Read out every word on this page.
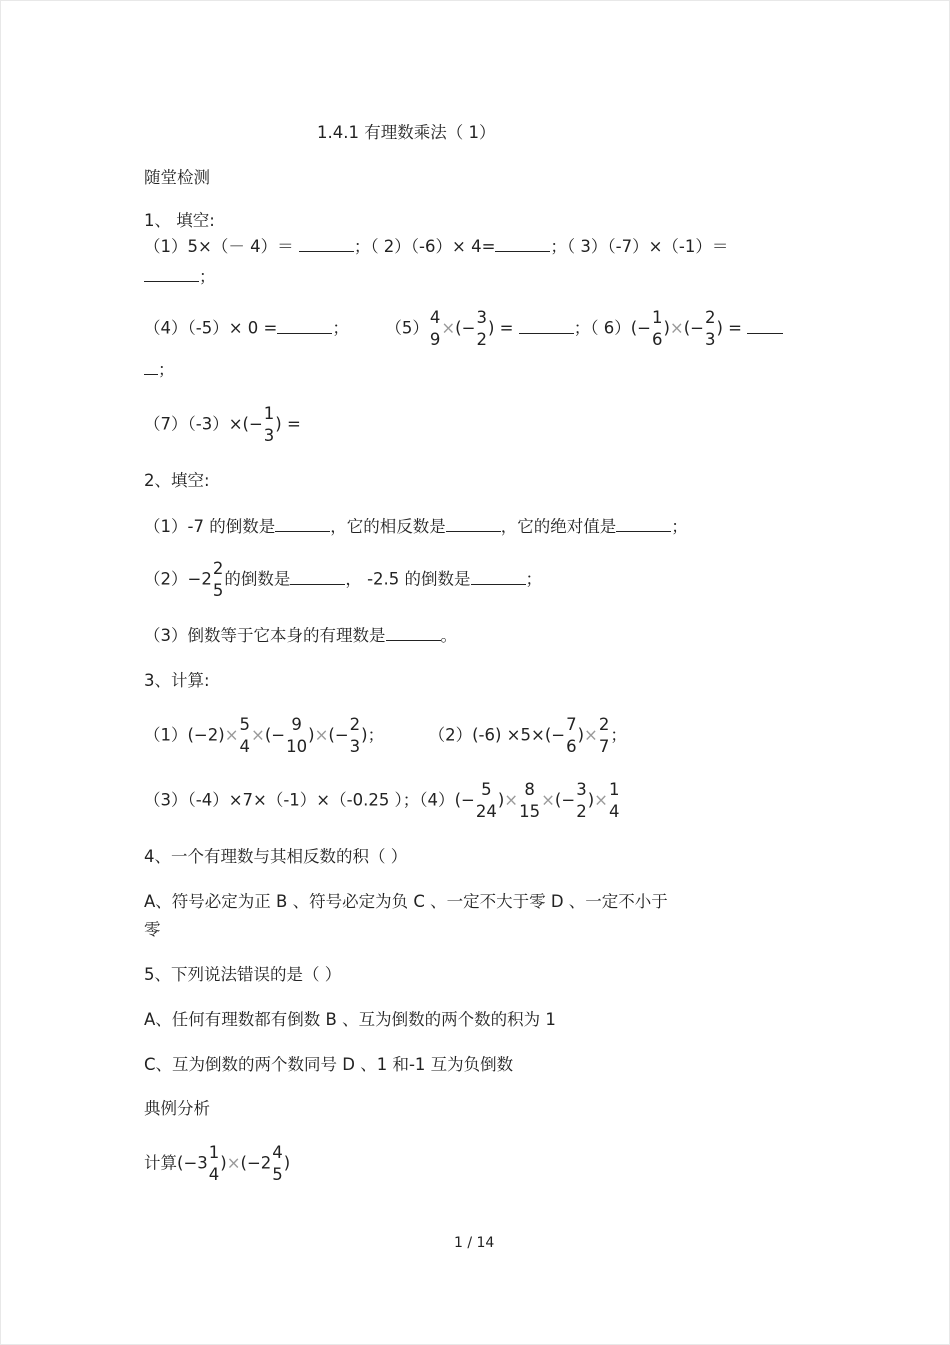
1.4.1 有理数乘法（ 1）
随堂检测
1、 填空:
（1）5×（－ 4）＝	；（ 2）（-6）× 4=	；（ 3）（-7）×（-1）＝
；
（4）（-5）× 0 =	； （5）
4
9
×(−
3
2
) =	；（ 6）(−
1
6
)×(−
2
3
) =
；
（7）（-3）×(−
1
3
) =
2、填空:
（1）-7 的倒数是	，它的相反数是	，它的绝对值是	；
（2）−2
2
5
的倒数是	， -2.5 的倒数是	；
（3）倒数等于它本身的有理数是	。
3、计算:
（1）(−2)×
5
4
×(−
9
10
)×(−
2
3
)；	（2）(-6) ×5×(−
7
6
)×
2
7
；
（3）（-4）×7×（-1）×（-0.25 ）；（4）(−
5
24
)×
8
15
×(−
3
2
)×
1
4
4、一个有理数与其相反数的积（ ）
A、符号必定为正 B 、符号必定为负 C 、一定不大于零 D 、一定不小于
零
5、下列说法错误的是（ ）
A、任何有理数都有倒数 B 、互为倒数的两个数的积为 1
C、互为倒数的两个数同号 D 、1 和-1 互为负倒数
典例分析
计算(−3
1
4
)×(−2
4
5
)
1 / 14
